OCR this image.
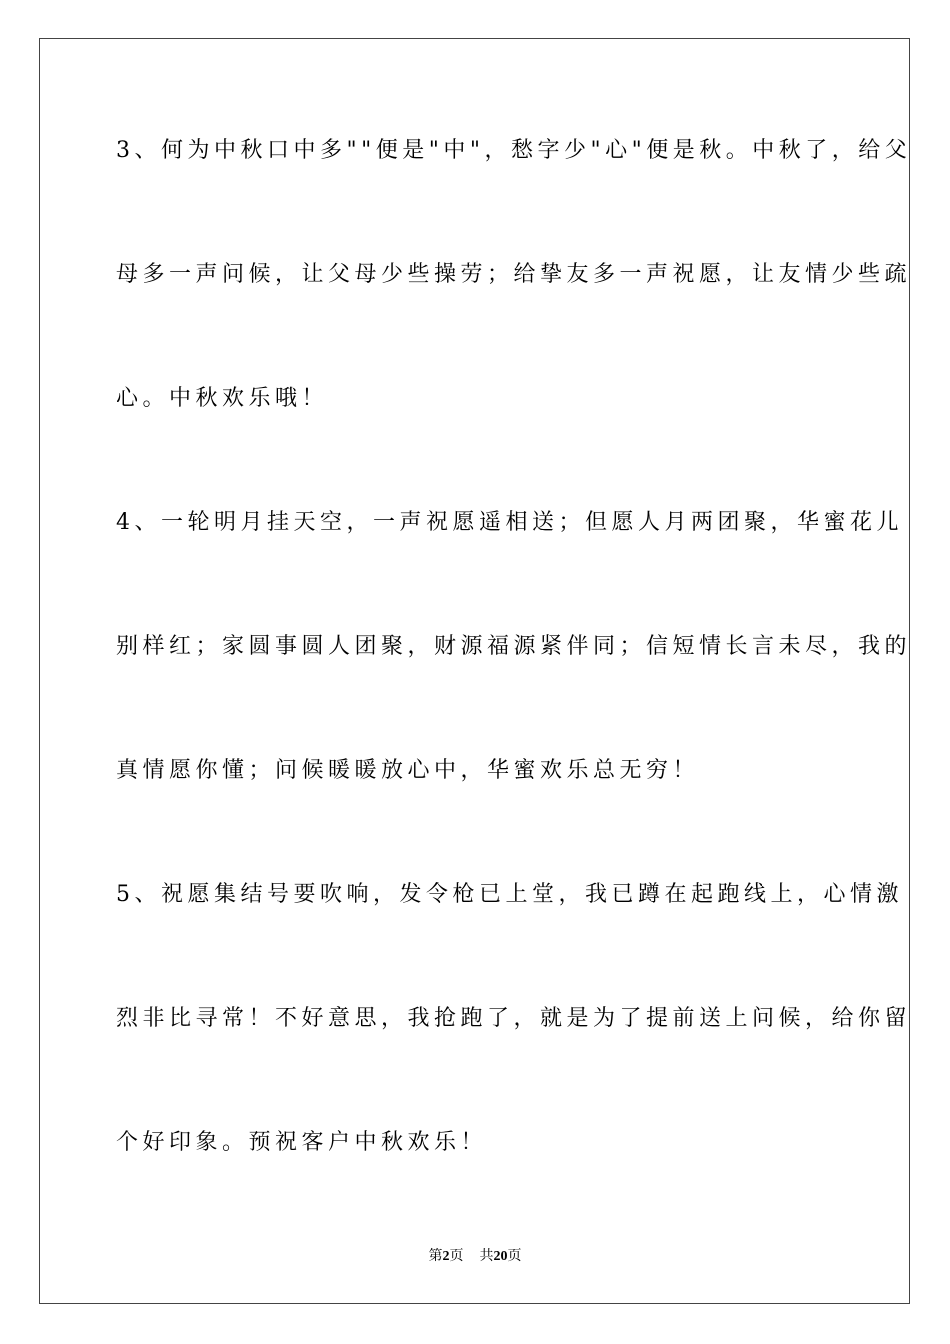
3、何为中秋口中多""便是"中"，愁字少"心"便是秋。中秋了，给父
母多一声问候，让父母少些操劳；给挚友多一声祝愿，让友情少些疏
心。中秋欢乐哦！
4、一轮明月挂天空，一声祝愿遥相送；但愿人月两团聚，华蜜花儿
别样红；家圆事圆人团聚，财源福源紧伴同；信短情长言未尽，我的
真情愿你懂；问候暖暖放心中，华蜜欢乐总无穷！
5、祝愿集结号要吹响，发令枪已上堂，我已蹲在起跑线上，心情激
烈非比寻常！不好意思，我抢跑了，就是为了提前送上问候，给你留
个好印象。预祝客户中秋欢乐！
第2页 共20页
